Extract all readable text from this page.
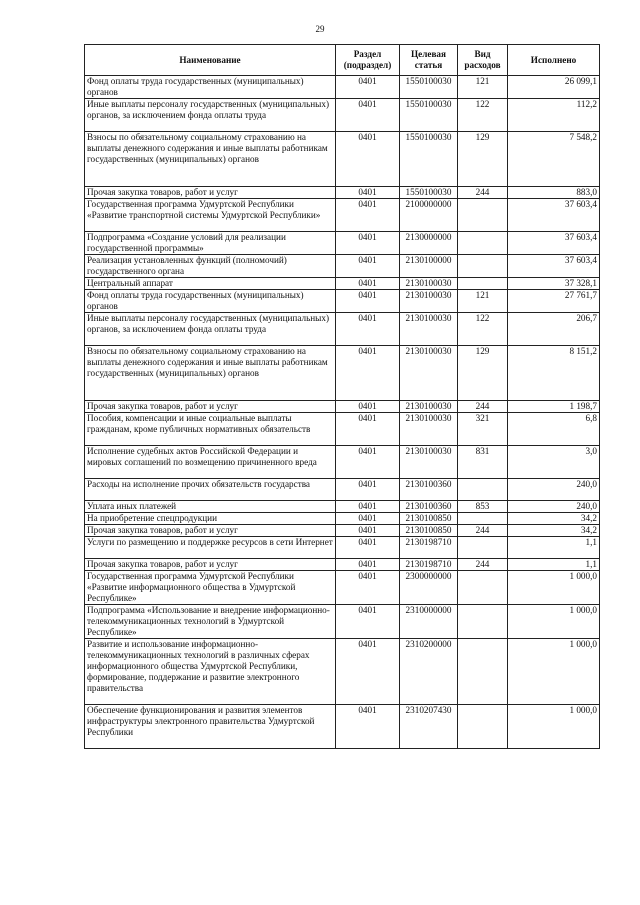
29
Наименование	Раздел (подраздел)	Целевая статья	Вид расходов	Исполнено
Фонд оплаты труда государственных (муниципальных) органов	0401	1550100030	121	26 099,1
Иные выплаты персоналу государственных (муниципальных) органов, за исключением фонда оплаты труда	0401	1550100030	122	112,2
Взносы по обязательному социальному страхованию на выплаты денежного содержания и иные выплаты работникам государственных (муниципальных) органов	0401	1550100030	129	7 548,2
Прочая закупка товаров, работ и услуг	0401	1550100030	244	883,0
Государственная программа Удмуртской Республики «Развитие транспортной системы Удмуртской Республики»	0401	2100000000		37 603,4
Подпрограмма «Создание условий для реализации государственной программы»	0401	2130000000		37 603,4
Реализация установленных функций (полномочий) государственного органа	0401	2130100000		37 603,4
Центральный аппарат	0401	2130100030		37 328,1
Фонд оплаты труда государственных (муниципальных) органов	0401	2130100030	121	27 761,7
Иные выплаты персоналу государственных (муниципальных) органов, за исключением фонда оплаты труда	0401	2130100030	122	206,7
Взносы по обязательному социальному страхованию на выплаты денежного содержания и иные выплаты работникам государственных (муниципальных) органов	0401	2130100030	129	8 151,2
Прочая закупка товаров, работ и услуг	0401	2130100030	244	1 198,7
Пособия, компенсации и иные социальные выплаты гражданам, кроме публичных нормативных обязательств	0401	2130100030	321	6,8
Исполнение судебных актов Российской Федерации и мировых соглашений по возмещению причиненного вреда	0401	2130100030	831	3,0
Расходы на исполнение прочих обязательств государства	0401	2130100360		240,0
Уплата иных платежей	0401	2130100360	853	240,0
На приобретение спецпродукции	0401	2130100850		34,2
Прочая закупка товаров, работ и услуг	0401	2130100850	244	34,2
Услуги по размещению и поддержке ресурсов в сети Интернет	0401	2130198710		1,1
Прочая закупка товаров, работ и услуг	0401	2130198710	244	1,1
Государственная программа Удмуртской Республики «Развитие информационного общества в Удмуртской Республике»	0401	2300000000		1 000,0
Подпрограмма «Использование и внедрение информационно-телекоммуникационных технологий в Удмуртской Республике»	0401	2310000000		1 000,0
Развитие и использование информационно-телекоммуникационных технологий в различных сферах информационного общества Удмуртской Республики, формирование, поддержание и развитие электронного правительства	0401	2310200000		1 000,0
Обеспечение функционирования и развития элементов инфраструктуры электронного правительства Удмуртской Республики	0401	2310207430		1 000,0
